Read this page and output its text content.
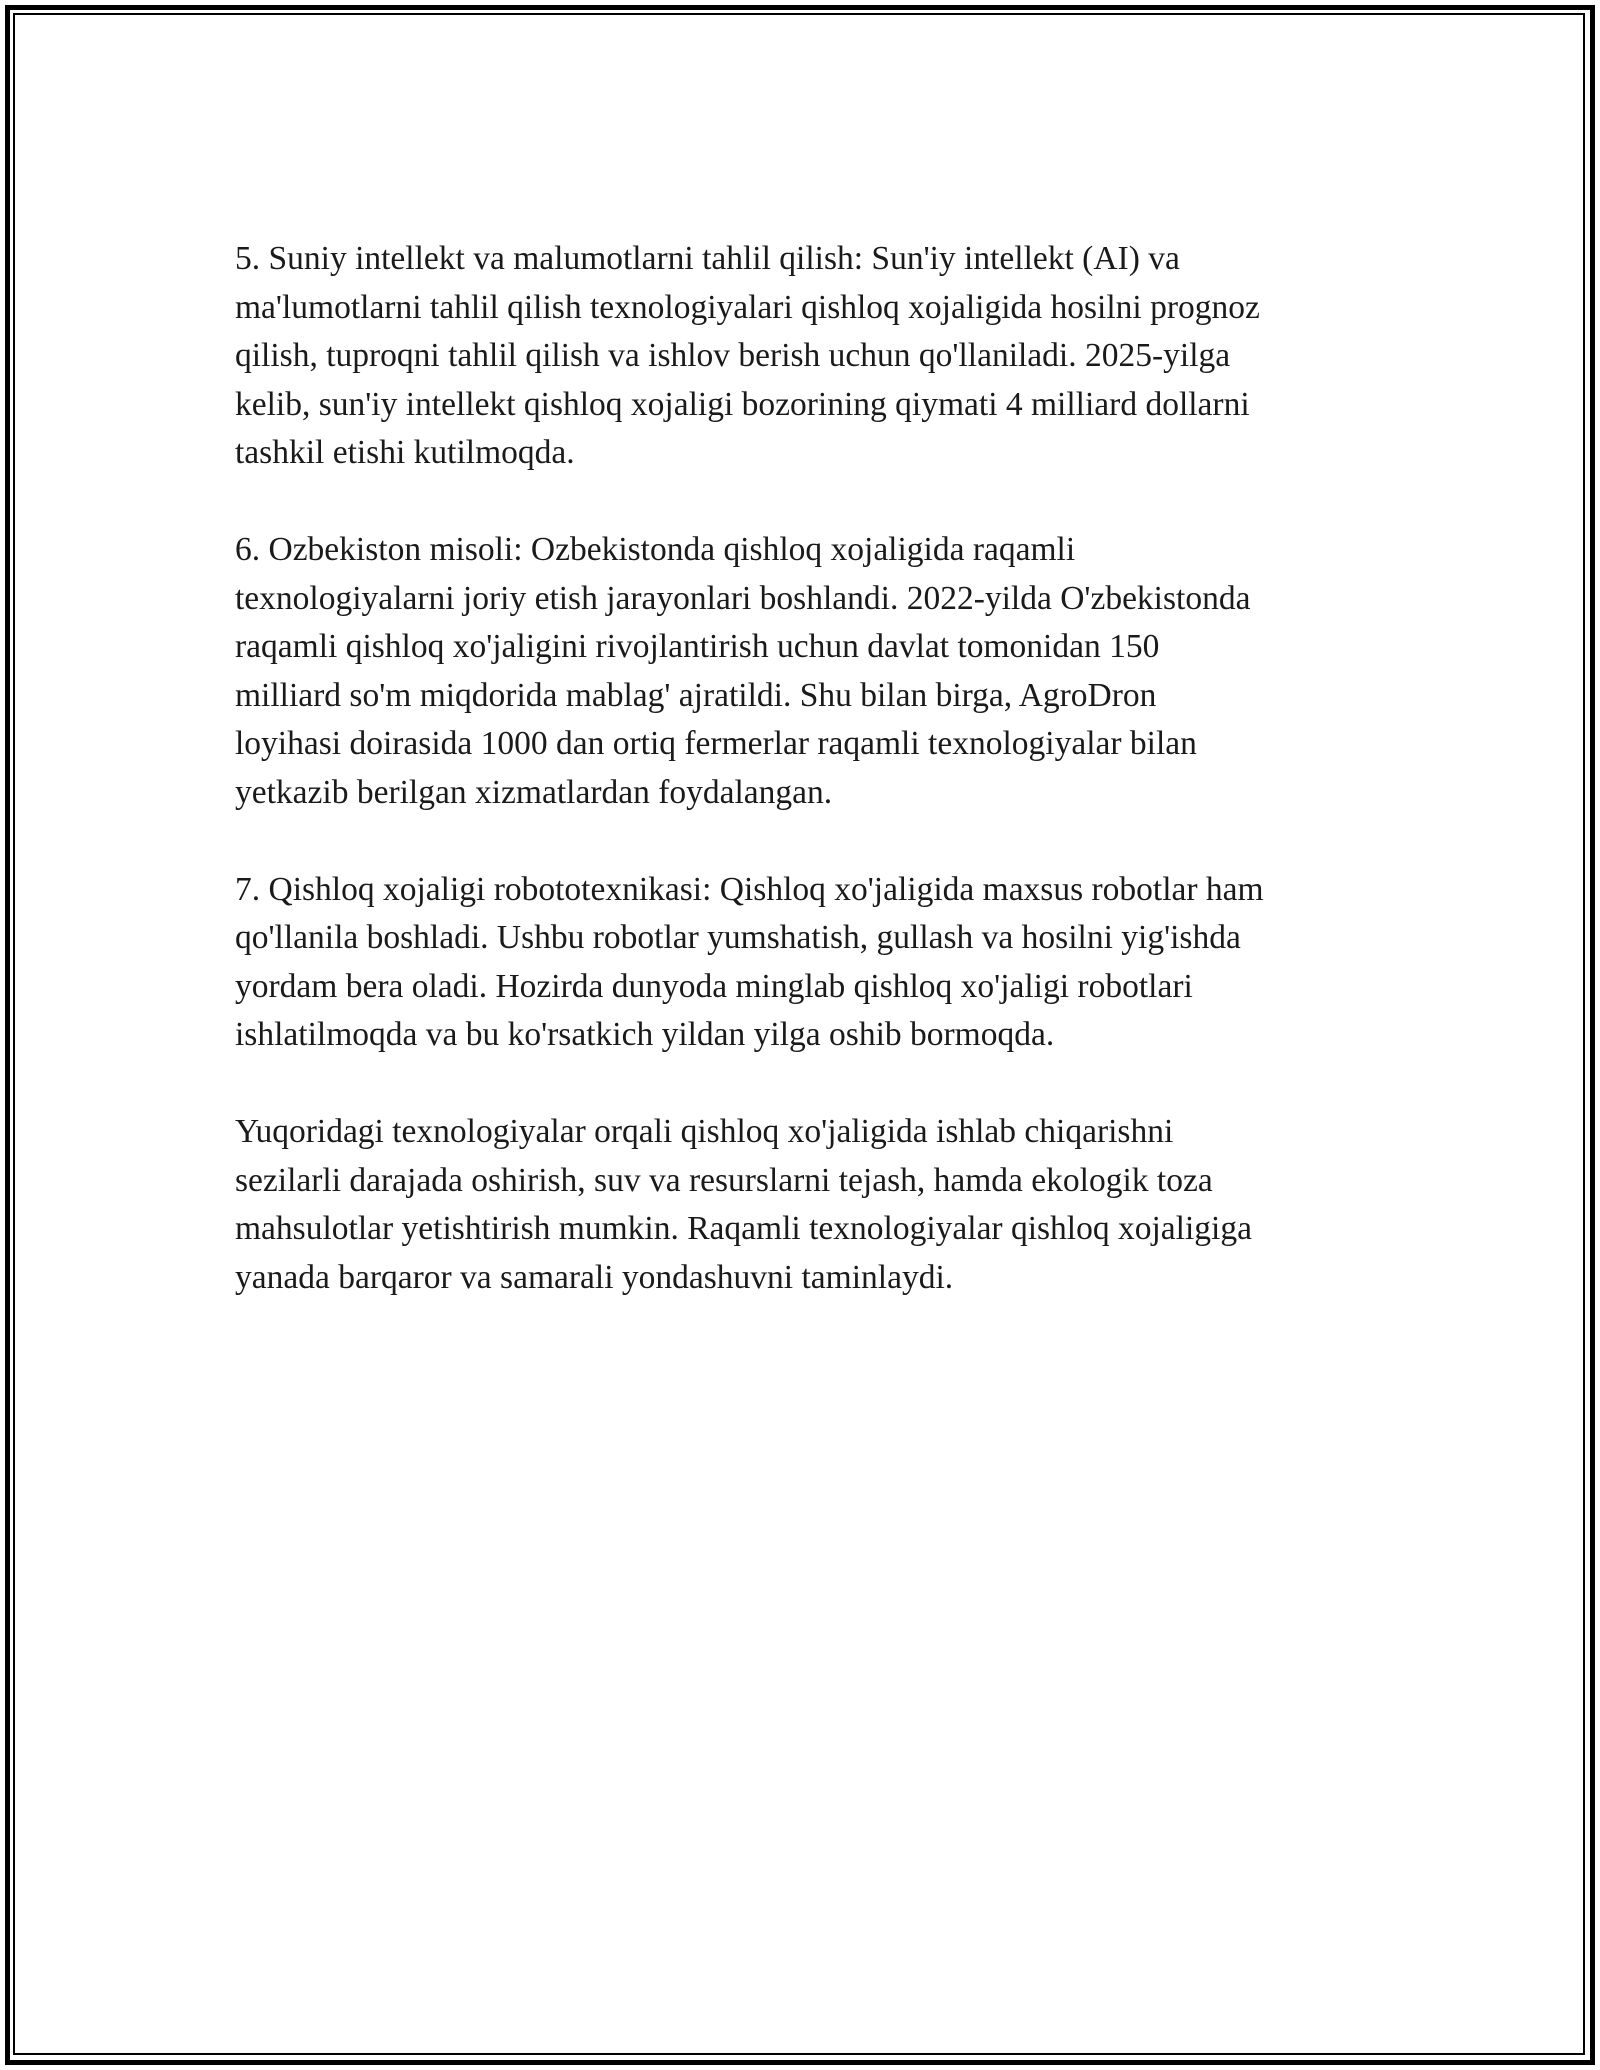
5. Suniy intellekt va malumotlarni tahlil qilish: Sun'iy intellekt (AI) va
ma'lumotlarni tahlil qilish texnologiyalari qishloq xojaligida hosilni prognoz
qilish, tuproqni tahlil qilish va ishlov berish uchun qo'llaniladi. 2025-yilga
kelib, sun'iy intellekt qishloq xojaligi bozorining qiymati 4 milliard dollarni
tashkil etishi kutilmoqda.

6. Ozbekiston misoli: Ozbekistonda qishloq xojaligida raqamli
texnologiyalarni joriy etish jarayonlari boshlandi. 2022-yilda O'zbekistonda
raqamli qishloq xo'jaligini rivojlantirish uchun davlat tomonidan 150
milliard so'm miqdorida mablag' ajratildi. Shu bilan birga, AgroDron
loyihasi doirasida 1000 dan ortiq fermerlar raqamli texnologiyalar bilan
yetkazib berilgan xizmatlardan foydalangan.

7. Qishloq xojaligi robototexnikasi: Qishloq xo'jaligida maxsus robotlar ham
qo'llanila boshladi. Ushbu robotlar yumshatish, gullash va hosilni yig'ishda
yordam bera oladi. Hozirda dunyoda minglab qishloq xo'jaligi robotlari
ishlatilmoqda va bu ko'rsatkich yildan yilga oshib bormoqda.

Yuqoridagi texnologiyalar orqali qishloq xo'jaligida ishlab chiqarishni
sezilarli darajada oshirish, suv va resurslarni tejash, hamda ekologik toza
mahsulotlar yetishtirish mumkin. Raqamli texnologiyalar qishloq xojaligiga
yanada barqaror va samarali yondashuvni taminlaydi.
